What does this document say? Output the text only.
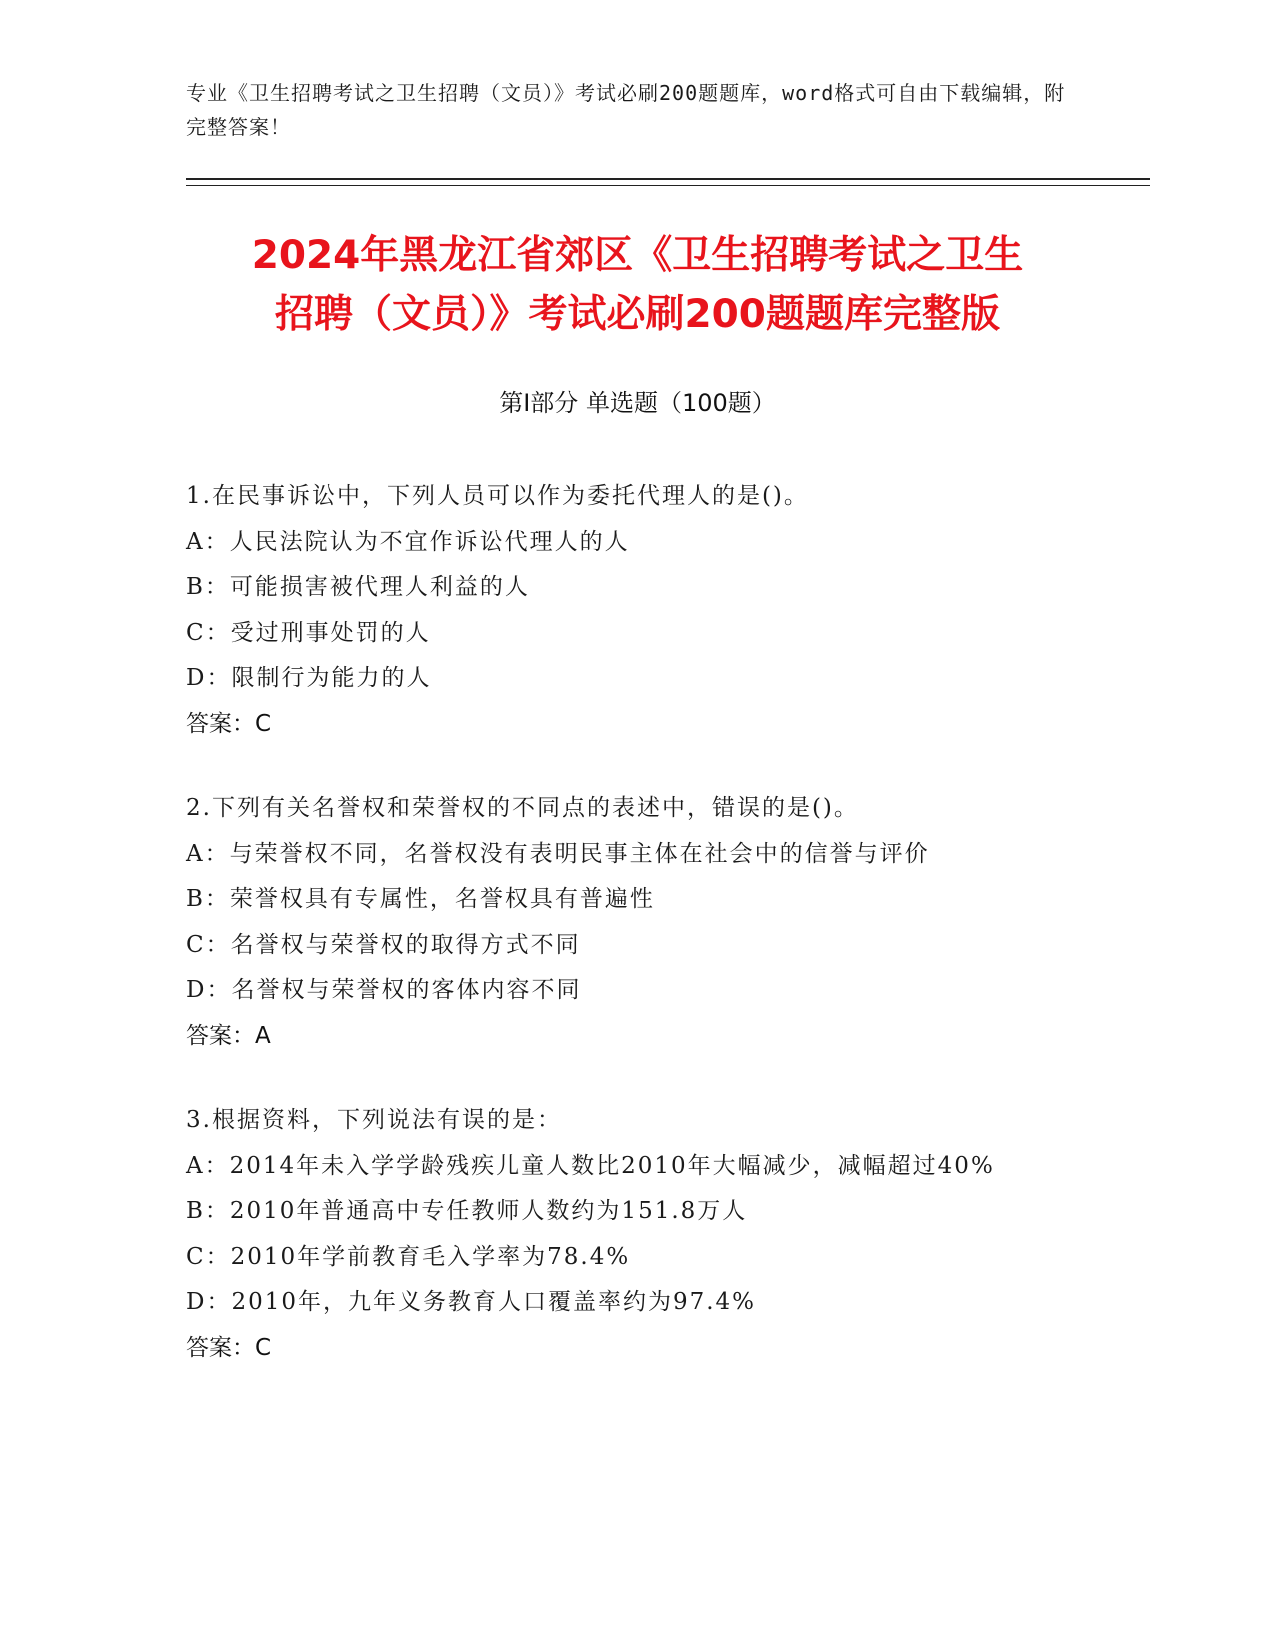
专业《卫生招聘考试之卫生招聘（文员）》考试必刷200题题库，word格式可自由下载编辑，附完整答案！
2024年黑龙江省郊区《卫生招聘考试之卫生
招聘（文员）》考试必刷200题题库完整版
第I部分 单选题（100题）
1.在民事诉讼中，下列人员可以作为委托代理人的是()。
A：人民法院认为不宜作诉讼代理人的人
B：可能损害被代理人利益的人
C：受过刑事处罚的人
D：限制行为能力的人
答案：C
2.下列有关名誉权和荣誉权的不同点的表述中，错误的是()。
A：与荣誉权不同，名誉权没有表明民事主体在社会中的信誉与评价
B：荣誉权具有专属性，名誉权具有普遍性
C：名誉权与荣誉权的取得方式不同
D：名誉权与荣誉权的客体内容不同
答案：A
3.根据资料，下列说法有误的是：
A：2014年未入学学龄残疾儿童人数比2010年大幅减少，减幅超过40%
B：2010年普通高中专任教师人数约为151.8万人
C：2010年学前教育毛入学率为78.4%
D：2010年，九年义务教育人口覆盖率约为97.4%
答案：C
